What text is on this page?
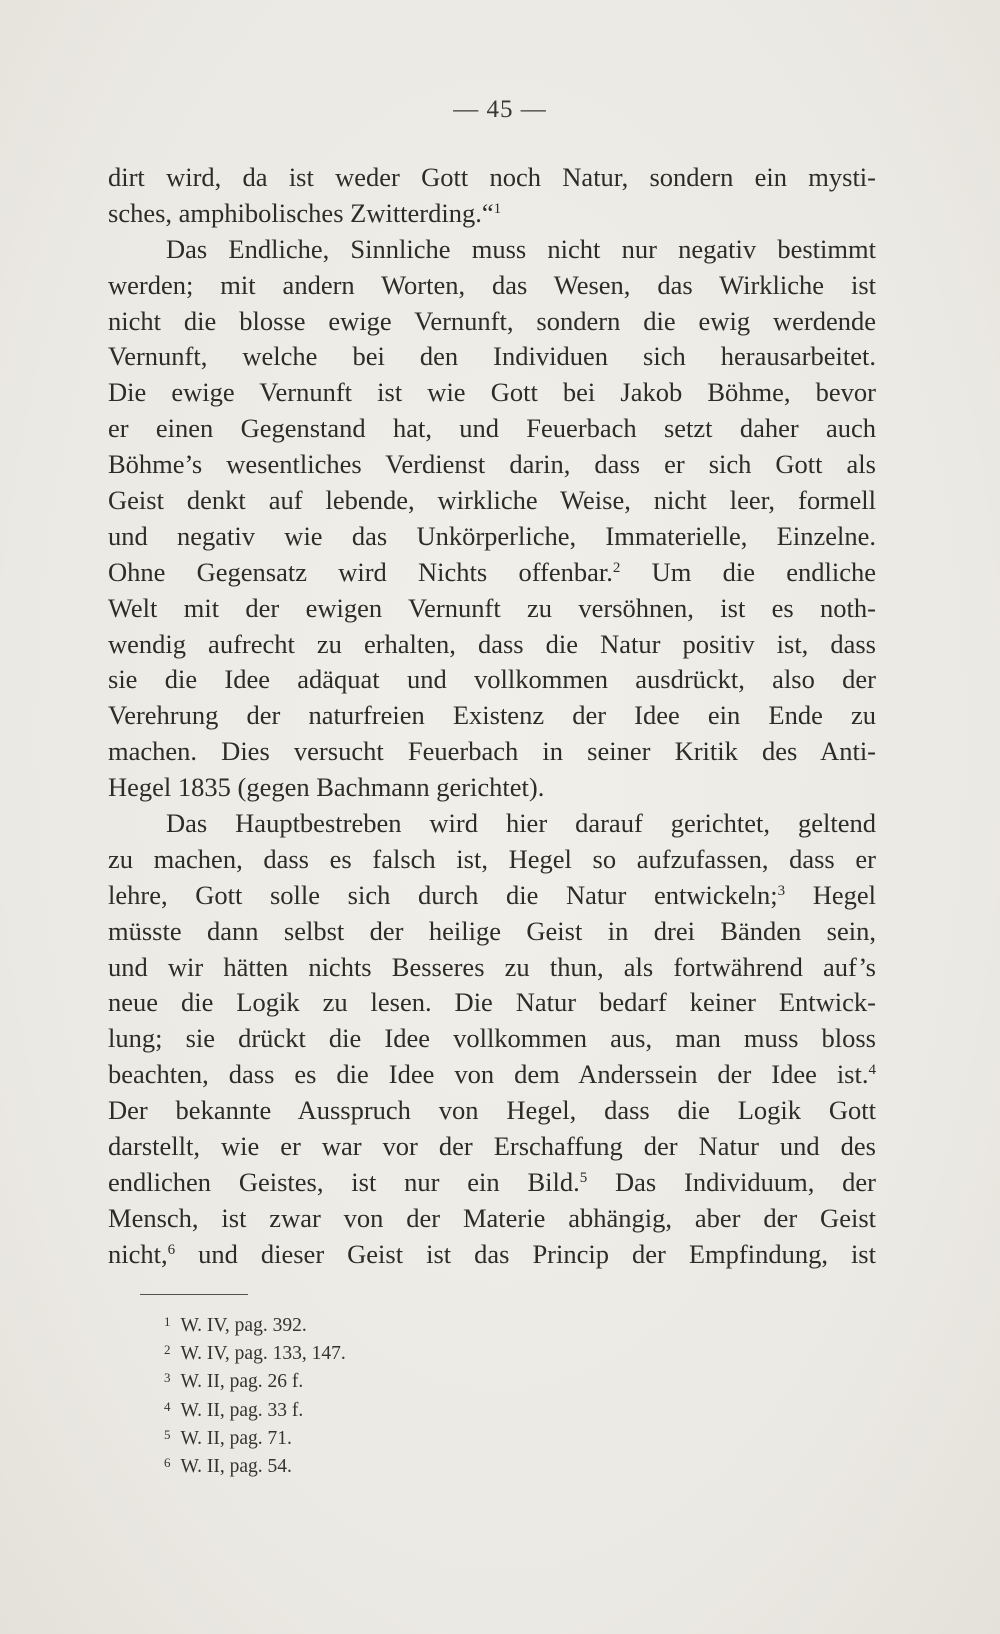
— 45 —
dirt wird, da ist weder Gott noch Natur, sondern ein mysti-
sches, amphibolisches Zwitterding.“$^1$
Das Endliche, Sinnliche muss nicht nur negativ bestimmt
werden; mit andern Worten, das Wesen, das Wirkliche ist
nicht die blosse ewige Vernunft, sondern die ewig werdende
Vernunft, welche bei den Individuen sich herausarbeitet.
Die ewige Vernunft ist wie Gott bei Jakob Böhme, bevor
er einen Gegenstand hat, und Feuerbach setzt daher auch
Böhme’s wesentliches Verdienst darin, dass er sich Gott als
Geist denkt auf lebende, wirkliche Weise, nicht leer, formell
und negativ wie das Unkörperliche, Immaterielle, Einzelne.
Ohne Gegensatz wird Nichts offenbar.$^2$ Um die endliche
Welt mit der ewigen Vernunft zu versöhnen, ist es noth-
wendig aufrecht zu erhalten, dass die Natur positiv ist, dass
sie die Idee adäquat und vollkommen ausdrückt, also der
Verehrung der naturfreien Existenz der Idee ein Ende zu
machen. Dies versucht Feuerbach in seiner Kritik des Anti-
Hegel 1835 (gegen Bachmann gerichtet).
Das Hauptbestreben wird hier darauf gerichtet, geltend
zu machen, dass es falsch ist, Hegel so aufzufassen, dass er
lehre, Gott solle sich durch die Natur entwickeln;$^3$ Hegel
müsste dann selbst der heilige Geist in drei Bänden sein,
und wir hätten nichts Besseres zu thun, als fortwährend auf’s
neue die Logik zu lesen. Die Natur bedarf keiner Entwick-
lung; sie drückt die Idee vollkommen aus, man muss bloss
beachten, dass es die Idee von dem Anderssein der Idee ist.$^4$
Der bekannte Ausspruch von Hegel, dass die Logik Gott
darstellt, wie er war vor der Erschaffung der Natur und des
endlichen Geistes, ist nur ein Bild.$^5$ Das Individuum, der
Mensch, ist zwar von der Materie abhängig, aber der Geist
nicht,$^6$ und dieser Geist ist das Princip der Empfindung, ist
$^1$ W. IV, pag. 392.
$^2$ W. IV, pag. 133, 147.
$^3$ W. II, pag. 26 f.
$^4$ W. II, pag. 33 f.
$^5$ W. II, pag. 71.
$^6$ W. II, pag. 54.
